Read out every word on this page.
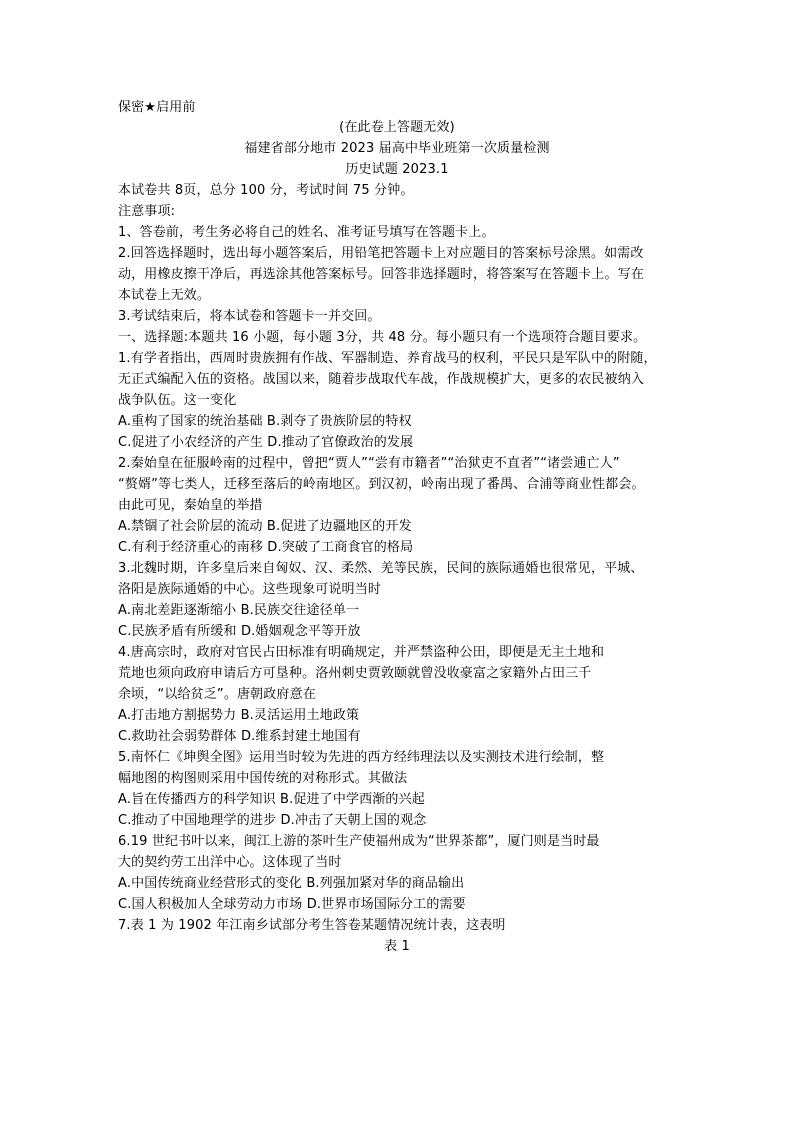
保密★启用前
(在此卷上答题无效)
福建省部分地市 2023 届高中毕业班第一次质量检测
历史试题 2023.1
本试卷共 8页，总分 100 分，考试时间 75 分钟。
注意事项:
1、答卷前，考生务必将自己的姓名、准考证号填写在答题卡上。
2.回答选择题时，选出每小题答案后，用铅笔把答题卡上对应题目的答案标号涂黑。如需改
动，用橡皮擦干净后，再选涂其他答案标号。回答非选择题时，将答案写在答题卡上。写在
本试卷上无效。
3.考试结束后，将本试卷和答题卡一并交回。
一、选择题:本题共 16 小题，每小题 3分，共 48 分。每小题只有一个选项符合题目要求。
1.有学者指出，西周时贵族拥有作战、军器制造、养育战马的权利，平民只是军队中的附随，
无正式编配入伍的资格。战国以来，随着步战取代车战，作战规模扩大，更多的农民被纳入
战争队伍。这一变化
A.重构了国家的统治基础 B.剥夺了贵族阶层的特权
C.促进了小农经济的产生 D.推动了官僚政治的发展
2.秦始皇在征服岭南的过程中，曾把“贾人”“尝有市籍者”“治狱吏不直者”“诸尝逋亡人”
“赘婿”等七类人，迁移至落后的岭南地区。到汉初，岭南出现了番禺、合浦等商业性都会。
由此可见，秦始皇的举措
A.禁锢了社会阶层的流动 B.促进了边疆地区的开发
C.有利于经济重心的南移 D.突破了工商食官的格局
3.北魏时期，许多皇后来自匈奴、汉、柔然、羌等民族，民间的族际通婚也很常见，平城、
洛阳是族际通婚的中心。这些现象可说明当时
A.南北差距逐渐缩小 B.民族交往途径单一
C.民族矛盾有所缓和 D.婚姻观念平等开放
4.唐高宗时，政府对官民占田标准有明确规定，并严禁盗种公田，即便是无主土地和
荒地也须向政府申请后方可垦种。洛州刺史贾敦颐就曾没收豪富之家籍外占田三千
余顷，“以给贫乏”。唐朝政府意在
A.打击地方割据势力 B.灵活运用土地政策
C.救助社会弱势群体 D.维系封建土地国有
5.南怀仁《坤舆全图》运用当时较为先进的西方经纬理法以及实测技术进行绘制，整
幅地图的构图则采用中国传统的对称形式。其做法
A.旨在传播西方的科学知识 B.促进了中学西渐的兴起
C.推动了中国地理学的进步 D.冲击了天朝上国的观念
6.19 世纪书叶以来，闽江上游的茶叶生产使福州成为“世界茶都”，厦门则是当时最
大的契约劳工出洋中心。这体现了当时
A.中国传统商业经营形式的变化 B.列强加紧对华的商品输出
C.国人积极加人全球劳动力市场 D.世界市场国际分工的需要
7.表 1 为 1902 年江南乡试部分考生答卷某题情况统计表，这表明
表 1
